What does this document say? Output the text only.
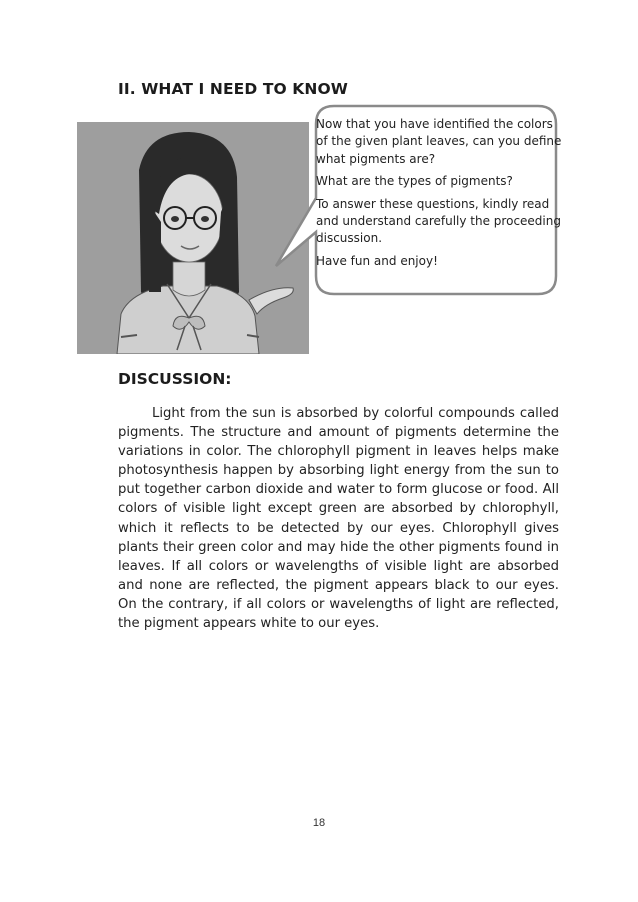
II. WHAT I NEED TO KNOW

Now that you have identified the colors of the given plant leaves, can you define what pigments are?

What are the types of pigments?

To answer these questions, kindly read and understand carefully the proceeding discussion.

Have fun and enjoy!

DISCUSSION:

Light from the sun is absorbed by colorful compounds called pigments. The structure and amount of pigments determine the variations in color. The chlorophyll pigment in leaves helps make photosynthesis happen by absorbing light energy from the sun to put together carbon dioxide and water to form glucose or food. All colors of visible light except green are absorbed by chlorophyll, which it reflects to be detected by our eyes. Chlorophyll gives plants their green color and may hide the other pigments found in leaves. If all colors or wavelengths of visible light are absorbed and none are reflected, the pigment appears black to our eyes. On the contrary, if all colors or wavelengths of light are reflected, the pigment appears white to our eyes.

18
